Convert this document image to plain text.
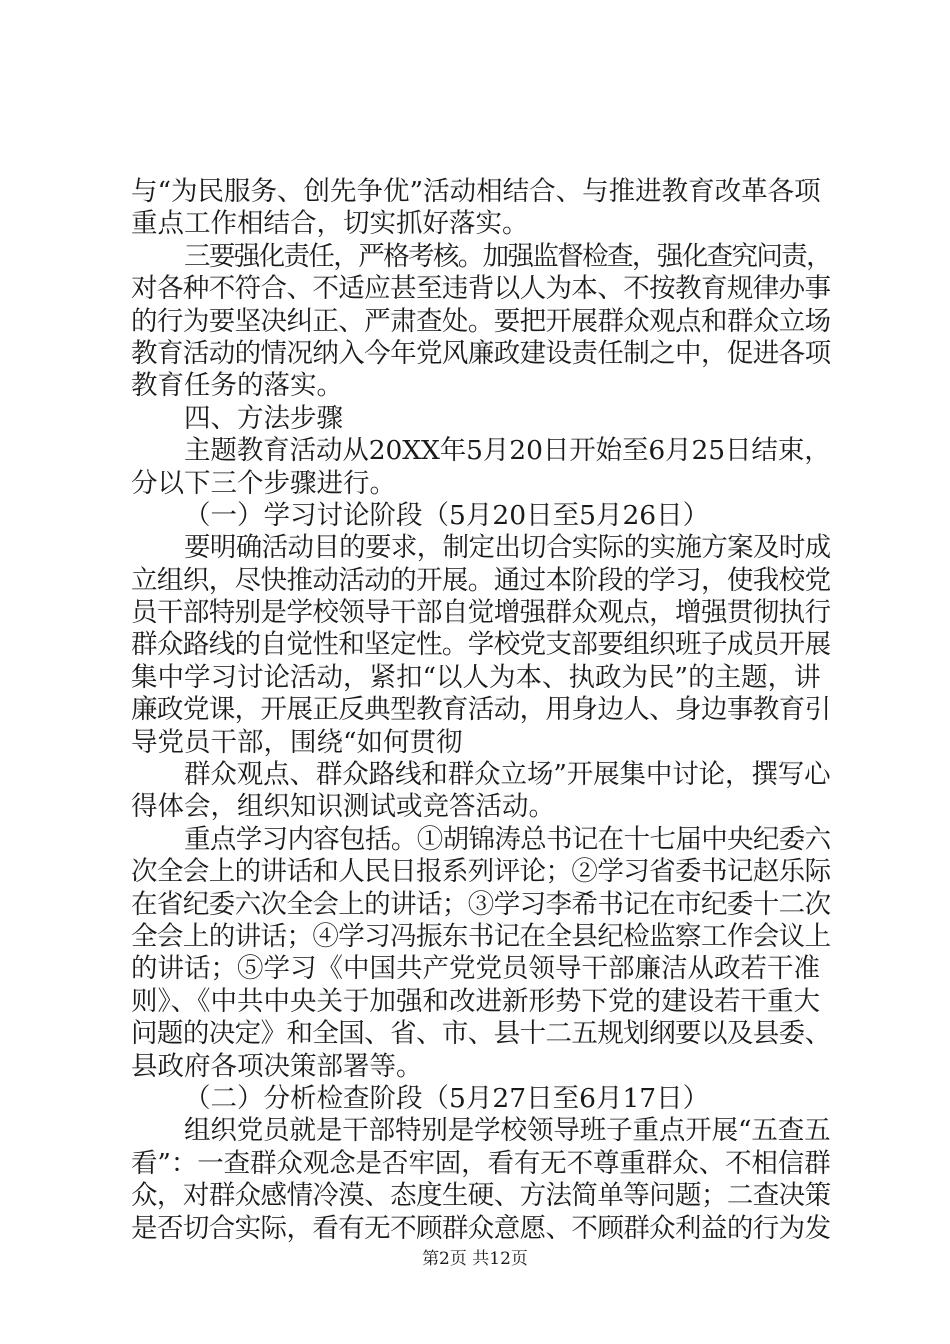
与“为民服务、创先争优”活动相结合、与推进教育改革各项
重点工作相结合，切实抓好落实。
三要强化责任，严格考核。加强监督检查，强化查究问责，
对各种不符合、不适应甚至违背以人为本、不按教育规律办事
的行为要坚决纠正、严肃查处。要把开展群众观点和群众立场
教育活动的情况纳入今年党风廉政建设责任制之中，促进各项
教育任务的落实。
四、方法步骤
主题教育活动从20XX年5月20日开始至6月25日结束，
分以下三个步骤进行。
（一）学习讨论阶段（5月20日至5月26日）
要明确活动目的要求，制定出切合实际的实施方案及时成
立组织，尽快推动活动的开展。通过本阶段的学习，使我校党
员干部特别是学校领导干部自觉增强群众观点，增强贯彻执行
群众路线的自觉性和坚定性。学校党支部要组织班子成员开展
集中学习讨论活动，紧扣“以人为本、执政为民”的主题，讲
廉政党课，开展正反典型教育活动，用身边人、身边事教育引
导党员干部，围绕“如何贯彻
群众观点、群众路线和群众立场”开展集中讨论，撰写心
得体会，组织知识测试或竞答活动。
重点学习内容包括。①胡锦涛总书记在十七届中央纪委六
次全会上的讲话和人民日报系列评论；②学习省委书记赵乐际
在省纪委六次全会上的讲话；③学习李希书记在市纪委十二次
全会上的讲话；④学习冯振东书记在全县纪检监察工作会议上
的讲话；⑤学习《中国共产党党员领导干部廉洁从政若干准
则》、《中共中央关于加强和改进新形势下党的建设若干重大
问题的决定》和全国、省、市、县十二五规划纲要以及县委、
县政府各项决策部署等。
（二）分析检查阶段（5月27日至6月17日）
组织党员就是干部特别是学校领导班子重点开展“五查五
看”：一查群众观念是否牢固，看有无不尊重群众、不相信群
众，对群众感情冷漠、态度生硬、方法简单等问题；二查决策
是否切合实际，看有无不顾群众意愿、不顾群众利益的行为发
第2页 共12页
